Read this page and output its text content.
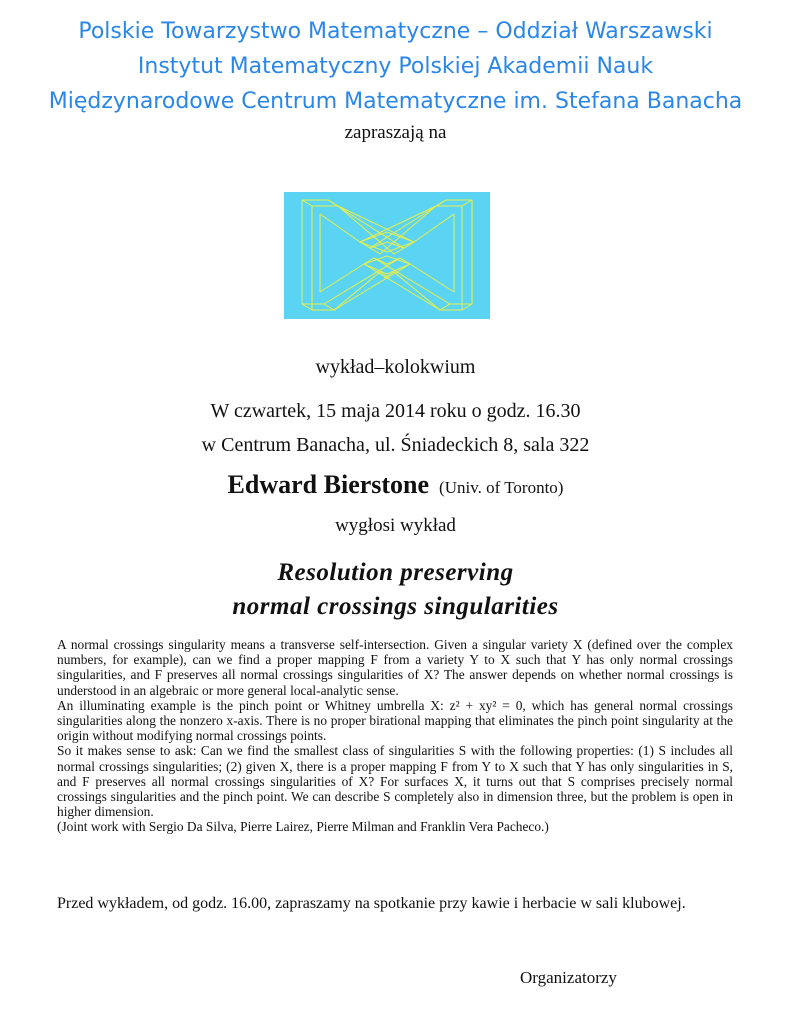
Polskie Towarzystwo Matematyczne – Oddział Warszawski
Instytut Matematyczny Polskiej Akademii Nauk
Międzynarodowe Centrum Matematyczne im. Stefana Banacha
zapraszają na
wykład–kolokwium
W czwartek, 15 maja 2014 roku o godz. 16.30
w Centrum Banacha, ul. Śniadeckich 8, sala 322
Edward Bierstone (Univ. of Toronto)
wygłosi wykład
Resolution preserving
normal crossings singularities

A normal crossings singularity means a transverse self-intersection. Given a singular variety X (defined over the complex numbers, for example), can we find a proper mapping F from a variety Y to X such that Y has only normal crossings singularities, and F preserves all normal crossings singularities of X? The answer depends on whether normal crossings is understood in an algebraic or more general local-analytic sense.

An illuminating example is the pinch point or Whitney umbrella X: z² + xy² = 0, which has general normal crossings singularities along the nonzero x-axis. There is no proper birational mapping that eliminates the pinch point singularity at the origin without modifying normal crossings points.

So it makes sense to ask: Can we find the smallest class of singularities S with the following properties: (1) S includes all normal crossings singularities; (2) given X, there is a proper mapping F from Y to X such that Y has only singularities in S, and F preserves all normal crossings singularities of X? For surfaces X, it turns out that S comprises precisely normal crossings singularities and the pinch point. We can describe S completely also in dimension three, but the problem is open in higher dimension.

(Joint work with Sergio Da Silva, Pierre Lairez, Pierre Milman and Franklin Vera Pacheco.)

Przed wykładem, od godz. 16.00, zapraszamy na spotkanie przy kawie i herbacie w sali klubowej.
Organizatorzy
